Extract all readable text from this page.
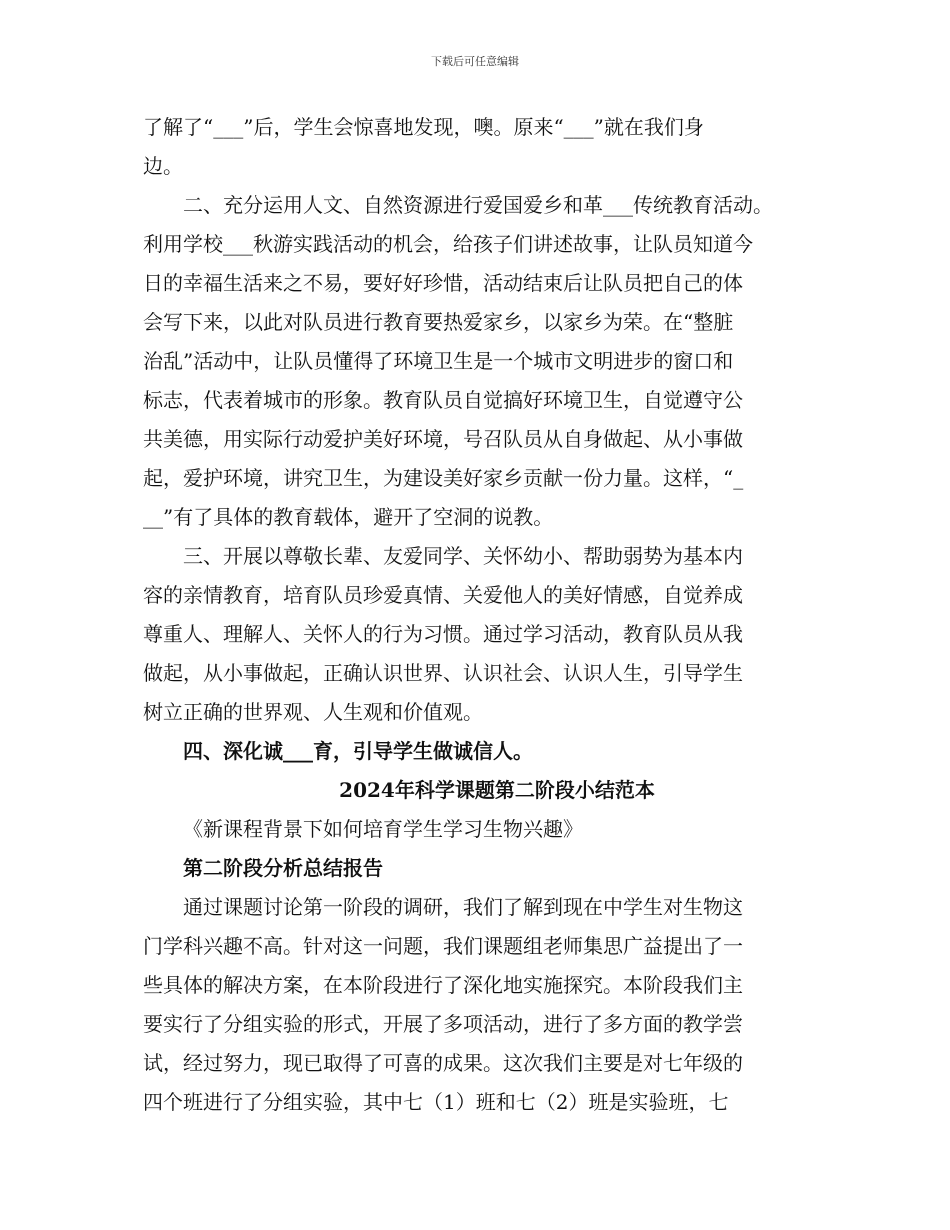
下载后可任意编辑
了解了“___”后，学生会惊喜地发现，噢。原来“___”就在我们身
边。
二、充分运用人文、自然资源进行爱国爱乡和革___传统教育活动。
利用学校___秋游实践活动的机会，给孩子们讲述故事，让队员知道今
日的幸福生活来之不易，要好好珍惜，活动结束后让队员把自己的体
会写下来，以此对队员进行教育要热爱家乡，以家乡为荣。在“整脏
治乱”活动中，让队员懂得了环境卫生是一个城市文明进步的窗口和
标志，代表着城市的形象。教育队员自觉搞好环境卫生，自觉遵守公
共美德，用实际行动爱护美好环境，号召队员从自身做起、从小事做
起，爱护环境，讲究卫生，为建设美好家乡贡献一份力量。这样，“_
__”有了具体的教育载体，避开了空洞的说教。
三、开展以尊敬长辈、友爱同学、关怀幼小、帮助弱势为基本内
容的亲情教育，培育队员珍爱真情、关爱他人的美好情感，自觉养成
尊重人、理解人、关怀人的行为习惯。通过学习活动，教育队员从我
做起，从小事做起，正确认识世界、认识社会、认识人生，引导学生
树立正确的世界观、人生观和价值观。
四、深化诚___育，引导学生做诚信人。
2024年科学课题第二阶段小结范本
《新课程背景下如何培育学生学习生物兴趣》
第二阶段分析总结报告
通过课题讨论第一阶段的调研，我们了解到现在中学生对生物这
门学科兴趣不高。针对这一问题，我们课题组老师集思广益提出了一
些具体的解决方案，在本阶段进行了深化地实施探究。本阶段我们主
要实行了分组实验的形式，开展了多项活动，进行了多方面的教学尝
试，经过努力，现已取得了可喜的成果。这次我们主要是对七年级的
四个班进行了分组实验，其中七（1）班和七（2）班是实验班，七
